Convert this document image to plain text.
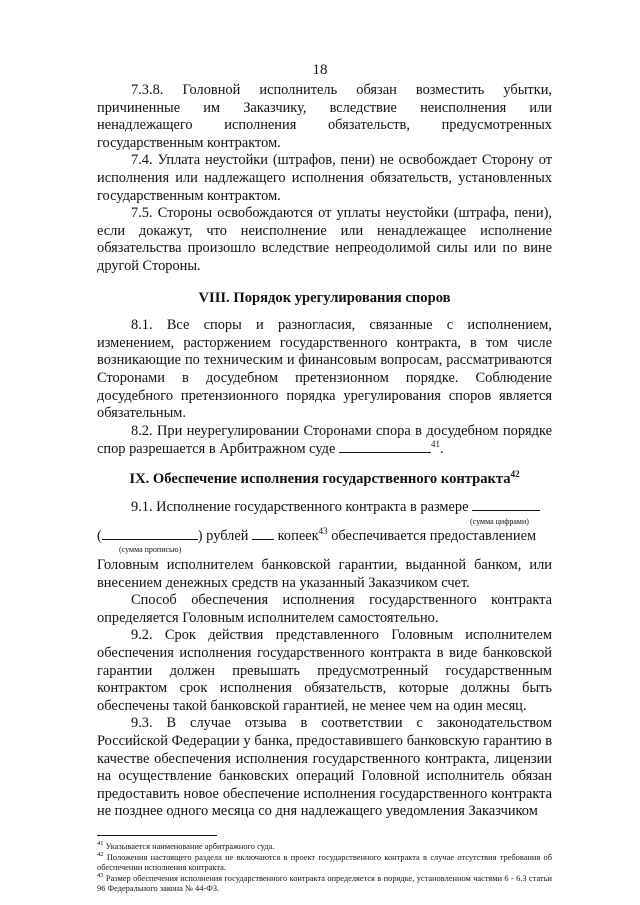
18

7.3.8. Головной исполнитель обязан возместить убытки, причиненные им Заказчику, вследствие неисполнения или ненадлежащего исполнения обязательств, предусмотренных государственным контрактом.

7.4. Уплата неустойки (штрафов, пени) не освобождает Сторону от исполнения или надлежащего исполнения обязательств, установленных государственным контрактом.

7.5. Стороны освобождаются от уплаты неустойки (штрафа, пени), если докажут, что неисполнение или ненадлежащее исполнение обязательства произошло вследствие непреодолимой силы или по вине другой Стороны.

VIII. Порядок урегулирования споров

8.1. Все споры и разногласия, связанные с исполнением, изменением, расторжением государственного контракта, в том числе возникающие по техническим и финансовым вопросам, рассматриваются Сторонами в досудебном претензионном порядке. Соблюдение досудебного претензионного порядка урегулирования споров является обязательным.

8.2. При неурегулировании Сторонами спора в досудебном порядке спор разрешается в Арбитражном суде	$^{41}$.

IX. Обеспечение исполнения государственного контракта$^{42}$

9.1. Исполнение государственного контракта в размере

(сумма цифрами)
(	) рублей копеек$^{43}$ обеспечивается предоставлением
(сумма прописью)

Головным исполнителем банковской гарантии, выданной банком, или внесением денежных средств на указанный Заказчиком счет.

Способ обеспечения исполнения государственного контракта определяется Головным исполнителем самостоятельно.

9.2. Срок действия представленного Головным исполнителем обеспечения исполнения государственного контракта в виде банковской гарантии должен превышать предусмотренный государственным контрактом срок исполнения обязательств, которые должны быть обеспечены такой банковской гарантией, не менее чем на один месяц.

9.3. В случае отзыва в соответствии с законодательством Российской Федерации у банка, предоставившего банковскую гарантию в качестве обеспечения исполнения государственного контракта, лицензии на осуществление банковских операций Головной исполнитель обязан предоставить новое обеспечение исполнения государственного контракта не позднее одного месяца со дня надлежащего уведомления Заказчиком

$^{41}$ Указывается наименование арбитражного суда.

$^{42}$ Положения настоящего раздела не включаются в проект государственного контракта в случае отсутствия требования об обеспечении исполнения контракта.

$^{43}$ Размер обеспечения исполнения государственного контракта определяется в порядке, установленном частями 6 - 6.3 статьи 96 Федерального закона № 44-ФЗ.
